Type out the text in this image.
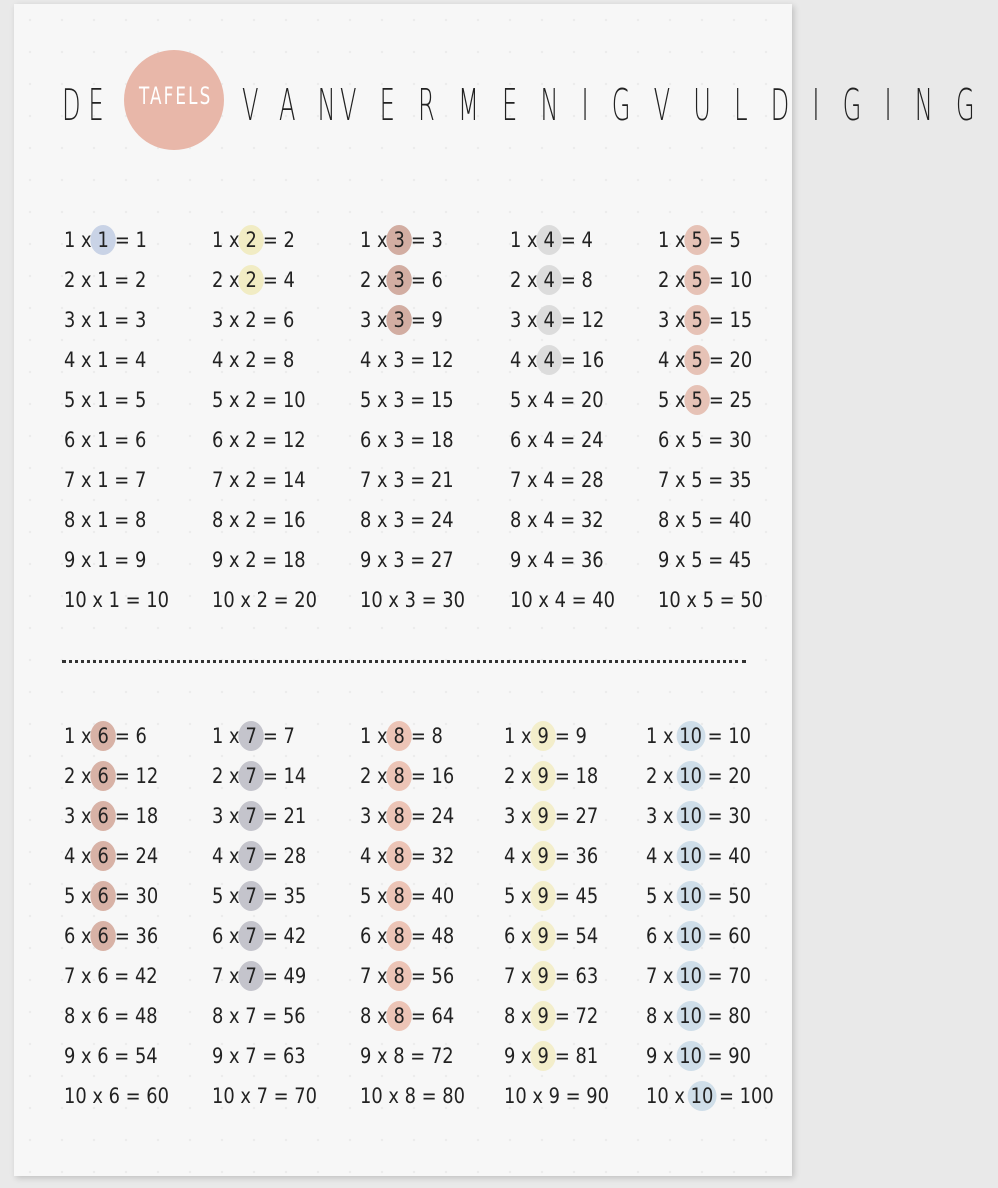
DE	VAN
VERMENIGVULDIGING
TAFELS
1 x 1 = 1
2 x 1 = 2
3 x 1 = 3
4 x 1 = 4
5 x 1 = 5
6 x 1 = 6
7 x 1 = 7
8 x 1 = 8
9 x 1 = 9
10 x 1 = 10
1 x 2 = 2
2 x 2 = 4
3 x 2 = 6
4 x 2 = 8
5 x 2 = 10
6 x 2 = 12
7 x 2 = 14
8 x 2 = 16
9 x 2 = 18
10 x 2 = 20
1 x 3 = 3
2 x 3 = 6
3 x 3 = 9
4 x 3 = 12
5 x 3 = 15
6 x 3 = 18
7 x 3 = 21
8 x 3 = 24
9 x 3 = 27
10 x 3 = 30
1 x 4 = 4
2 x 4 = 8
3 x 4 = 12
4 x 4 = 16
5 x 4 = 20
6 x 4 = 24
7 x 4 = 28
8 x 4 = 32
9 x 4 = 36
10 x 4 = 40
1 x 5 = 5
2 x 5 = 10
3 x 5 = 15
4 x 5 = 20
5 x 5 = 25
6 x 5 = 30
7 x 5 = 35
8 x 5 = 40
9 x 5 = 45
10 x 5 = 50
1 x 6 = 6
2 x 6 = 12
3 x 6 = 18
4 x 6 = 24
5 x 6 = 30
6 x 6 = 36
7 x 6 = 42
8 x 6 = 48
9 x 6 = 54
10 x 6 = 60
1 x 7 = 7
2 x 7 = 14
3 x 7 = 21
4 x 7 = 28
5 x 7 = 35
6 x 7 = 42
7 x 7 = 49
8 x 7 = 56
9 x 7 = 63
10 x 7 = 70
1 x 8 = 8
2 x 8 = 16
3 x 8 = 24
4 x 8 = 32
5 x 8 = 40
6 x 8 = 48
7 x 8 = 56
8 x 8 = 64
9 x 8 = 72
10 x 8 = 80
1 x 9 = 9
2 x 9 = 18
3 x 9 = 27
4 x 9 = 36
5 x 9 = 45
6 x 9 = 54
7 x 9 = 63
8 x 9 = 72
9 x 9 = 81
10 x 9 = 90
1 x 10 = 10
2 x 10 = 20
3 x 10 = 30
4 x 10 = 40
5 x 10 = 50
6 x 10 = 60
7 x 10 = 70
8 x 10 = 80
9 x 10 = 90
10 x 10 = 100
